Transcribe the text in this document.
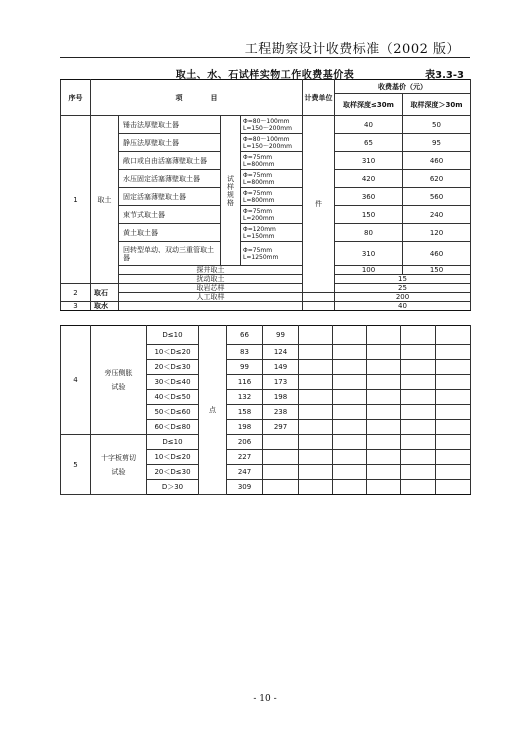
工程勘察设计收费标准（2002 版）
取土、水、石试样实物工作收费基价表	表3.3-3
序号	项　　　　目				计费单位	收费基价（元）	
						取样深度≤30m	取样深度＞30m
1	取土	锤击法厚壁取土器	试样规格	Φ=80～100mm
L=150～200mm	件	40	50
		静压法厚壁取土器		Φ=80～100mm
L=150～200mm		65	95
		敞口或自由活塞薄壁取土器		Φ=75mm
L=800mm		310	460
		水压固定活塞薄壁取土器		Φ=75mm
L=800mm		420	620
		固定活塞薄壁取土器		Φ=75mm
L=800mm		360	560
		束节式取土器		Φ=75mm
L=200mm		150	240
		黄土取土器		Φ=120mm
L=150mm		80	120
		回转型单动、双动三重管取土器		Φ=75mm
L=1250mm		310	460
		探井取土				100	150
		扰动取土				15	
2	取石	取岩芯样				25	
		人工取样				200	
3	取水					40	
4	旁压侧胀
试验	D≤10	点	66	99					
		10＜D≤20		83	124					
		20＜D≤30		99	149					
		30＜D≤40		116	173					
		40＜D≤50		132	198					
		50＜D≤60		158	238					
		60＜D≤80		198	297					
5	十字板剪切
试验	D≤10		206						
		10＜D≤20		227						
		20＜D≤30		247						
		D＞30		309						
- 10 -
